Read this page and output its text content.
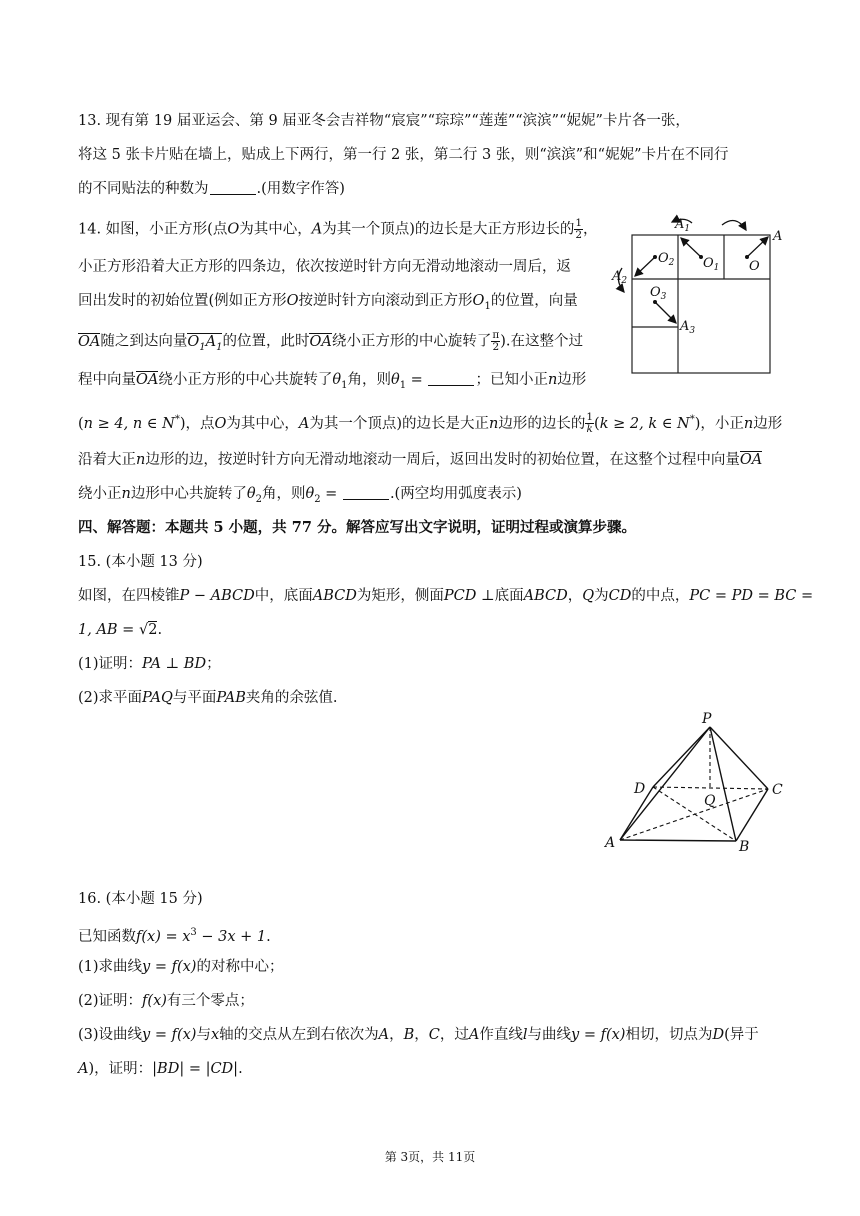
13. 现有第 19 届亚运会、第 9 届亚冬会吉祥物“宸宸”“琮琮”“莲莲”“滨滨”“妮妮”卡片各一张，
将这 5 张卡片贴在墙上，贴成上下两行，第一行 2 张，第二行 3 张，则“滨滨”和“妮妮”卡片在不同行
的不同贴法的种数为	.(用数字作答)
14. 如图，小正方形(点O为其中心，A为其一个顶点)的边长是大正方形边长的 $\frac{1}{2}$ ，
小正方形沿着大正方形的四条边，依次按逆时针方向无滑动地滚动一周后，返
回出发时的初始位置(例如正方形O按逆时针方向滚动到正方形$O_1$的位置，向量
OA随之到达向量$O_1A_1$的位置，此时OA绕小正方形的中心旋转了 $\frac{\pi}{2}$ ).在这整个过
程中向量OA绕小正方形的中心共旋转了$\theta_1$角，则$\theta_1$ =	；已知小正n边形
(n ≥ 4, n ∈ N*)，点O为其中心，A为其一个顶点)的边长是大正n边形的边长的 $\frac{1}{k} (k \ge 2$, k ∈ N*)，小正n边形
沿着大正n边形的边，按逆时针方向无滑动地滚动一周后，返回出发时的初始位置，在这整个过程中向量OA
绕小正n边形中心共旋转了$\theta_2$角，则$\theta_2$ =	.(两空均用弧度表示)
A
$A_1$
$A_2$
$A_3$
O
$O_1$
$O_2$
$O_3$
四、解答题：本题共 5 小题，共 77 分。解答应写出文字说明，证明过程或演算步骤。
15. (本小题 13 分)
如图，在四棱锥P − ABCD中，底面ABCD为矩形，侧面PCD ⊥底面ABCD，Q为CD的中点，PC = PD = BC =
1, AB = √2.
(1)证明：PA ⊥ BD；
(2)求平面PAQ与平面PAB夹角的余弦值.
P
D	C
Q
A	B
16. (本小题 15 分)
已知函数$f(x) = x^3 - 3x + 1$.
(1)求曲线y = f(x)的对称中心；
(2)证明：f(x)有三个零点；
(3)设曲线y = f(x)与x轴的交点从左到右依次为A，B，C，过A作直线l与曲线y = f(x)相切，切点为D(异于
A)，证明：|BD| = |CD|.
第 3页，共 11页
